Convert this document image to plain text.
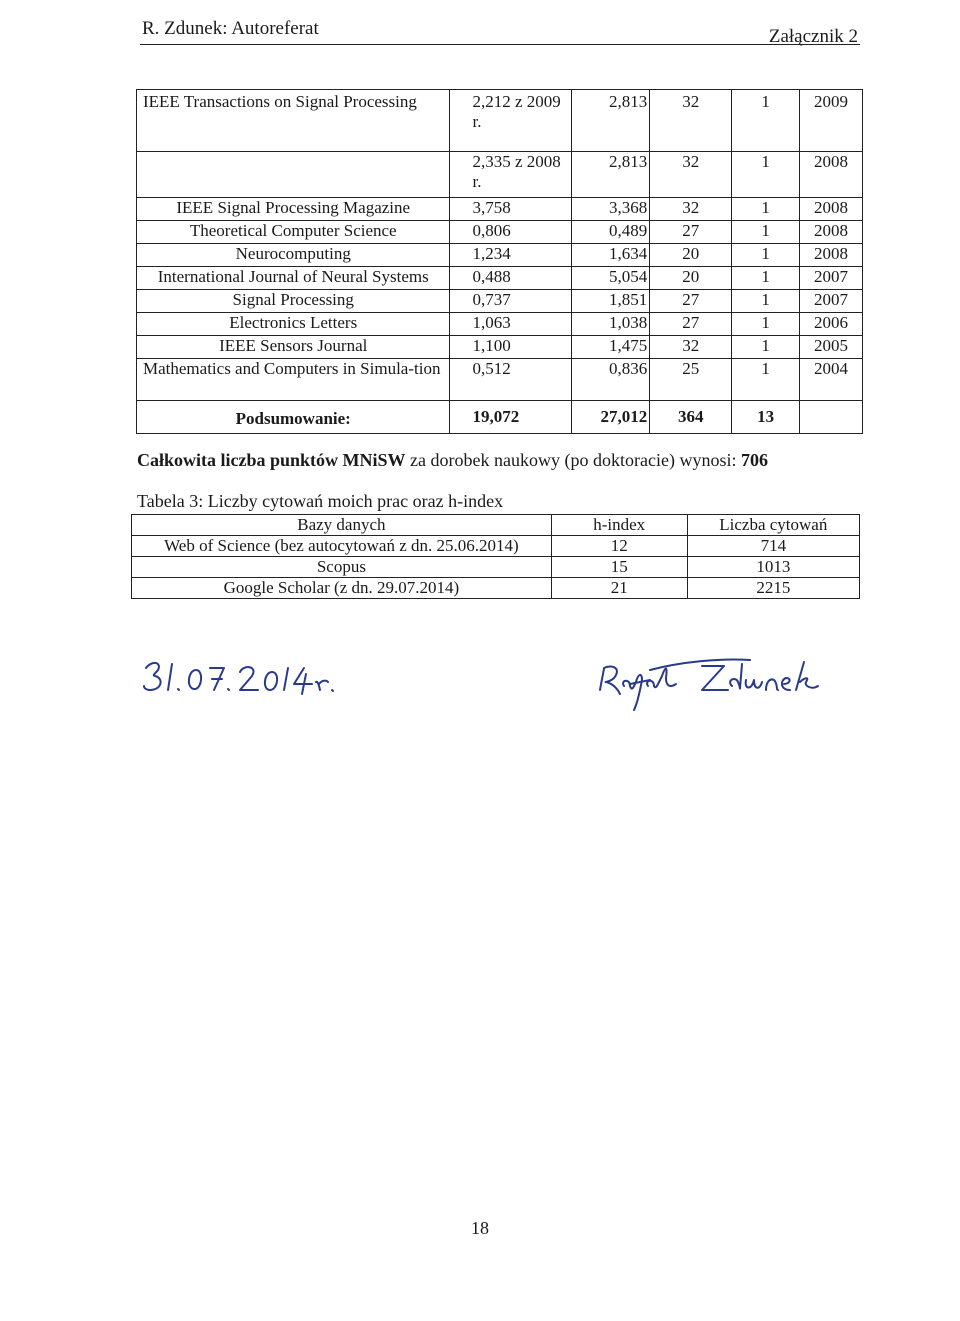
R. Zdunek: Autoreferat	Załącznik 2
IEEE Transactions on Signal Processing	2,212 z 2009 r.	2,813	32	1	2009
	2,335 z 2008 r.	2,813	32	1	2008
IEEE Signal Processing Magazine	3,758	3,368	32	1	2008
Theoretical Computer Science	0,806	0,489	27	1	2008
Neurocomputing	1,234	1,634	20	1	2008
International Journal of Neural Systems	0,488	5,054	20	1	2007
Signal Processing	0,737	1,851	27	1	2007
Electronics Letters	1,063	1,038	27	1	2006
IEEE Sensors Journal	1,100	1,475	32	1	2005
Mathematics and Computers in Simula-tion	0,512	0,836	25	1	2004
Podsumowanie:	19,072	27,012	364	13	
Całkowita liczba punktów MNiSW za dorobek naukowy (po doktoracie) wynosi: 706
Tabela 3: Liczby cytowań moich prac oraz h-index
Bazy danych	h-index	Liczba cytowań
Web of Science (bez autocytowań z dn. 25.06.2014)	12	714
Scopus	15	1013
Google Scholar (z dn. 29.07.2014)	21	2215
18
